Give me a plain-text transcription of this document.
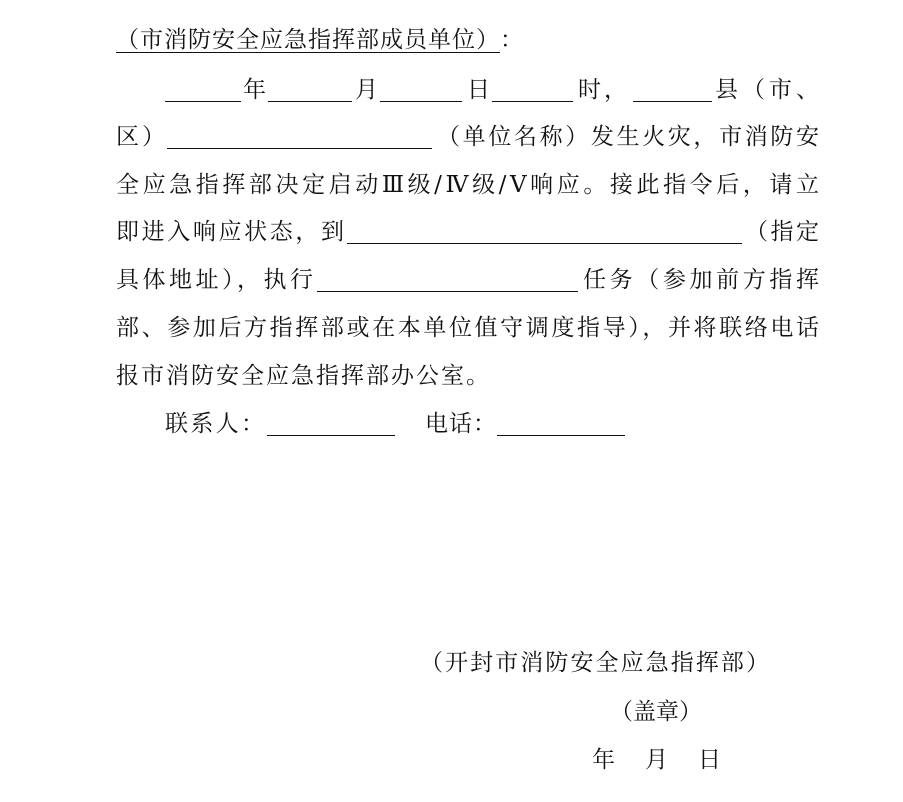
（市消防安全应急指挥部成员单位） ：
年	月	日	时，	县（市、
区）	（单位名称）发生火灾，市消防安
全应急指挥部决定启动Ⅲ级/Ⅳ级/Ⅴ响应。接此指令后，请立
即进入响应状态，到	（指定
具体地址），执行	任务（参加前方指挥
部、参加后方指挥部或在本单位值守调度指导），并将联络电话
报市消防安全应急指挥部办公室。
联系人：	电话：
（开封市消防安全应急指挥部）
（盖章）
年 月 日
